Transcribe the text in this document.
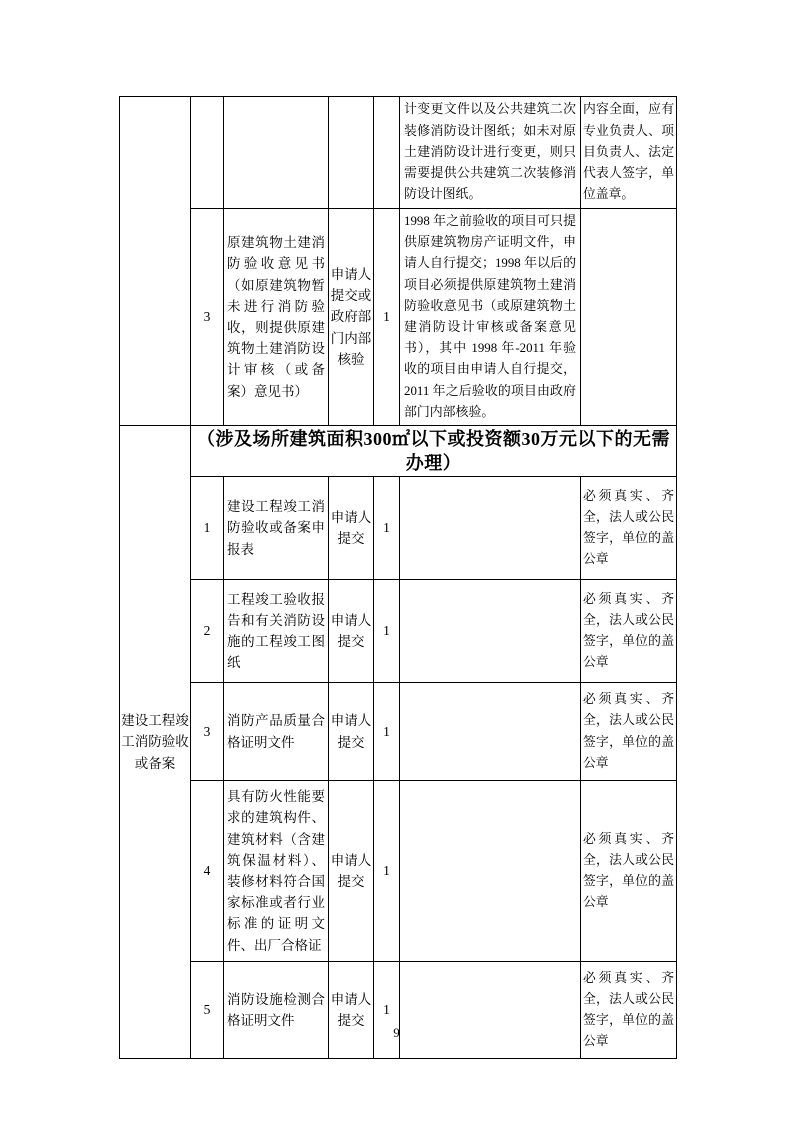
					计变更文件以及公共建筑二次装修消防设计图纸；如未对原土建消防设计进行变更，则只需要提供公共建筑二次装修消防设计图纸。	内容全面，应有专业负责人、项目负责人、法定代表人签字，单位盖章。
	3	原建筑物土建消防验收意见书（如原建筑物暂未进行消防验收，则提供原建筑物土建消防设计审核（或备案）意见书）	申请人提交或政府部门内部核验	1	1998 年之前验收的项目可只提供原建筑物房产证明文件，申请人自行提交；1998 年以后的项目必须提供原建筑物土建消防验收意见书（或原建筑物土建消防设计审核或备案意见书），其中 1998 年-2011 年验收的项目由申请人自行提交，2011 年之后验收的项目由政府部门内部核验。	
建设工程竣工消防验收或备案	（涉及场所建筑面积300㎡以下或投资额30万元以下的无需办理）					
	1	建设工程竣工消防验收或备案申报表	申请人提交	1		必须真实、齐全，法人或公民签字，单位的盖公章
	2	工程竣工验收报告和有关消防设施的工程竣工图纸	申请人提交	1		必须真实、齐全，法人或公民签字，单位的盖公章
	3	消防产品质量合格证明文件	申请人提交	1		必须真实、齐全，法人或公民签字，单位的盖公章
	4	具有防火性能要求的建筑构件、建筑材料（含建筑保温材料）、装修材料符合国家标准或者行业标准的证明文件、出厂合格证	申请人提交	1		必须真实、齐全，法人或公民签字，单位的盖公章
	5	消防设施检测合格证明文件	申请人提交	1		必须真实、齐全，法人或公民签字，单位的盖公章
9
